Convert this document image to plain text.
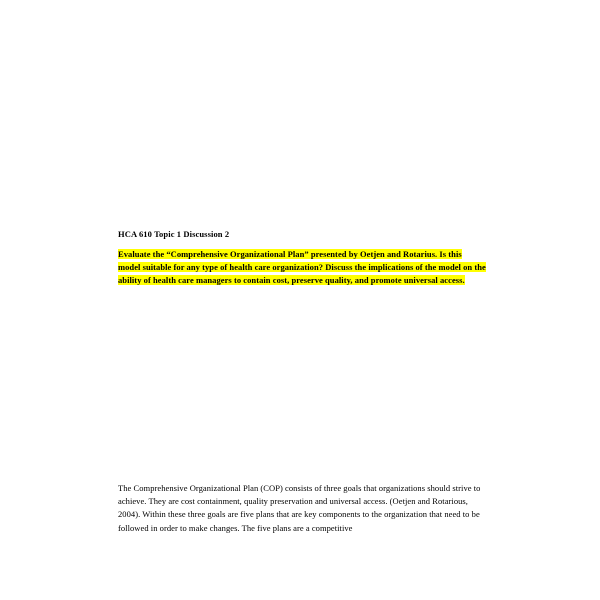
HCA 610 Topic 1 Discussion 2

Evaluate the “Comprehensive Organizational Plan” presented by Oetjen and Rotarius. Is this model suitable for any type of health care organization? Discuss the implications of the model on the ability of health care managers to contain cost, preserve quality, and promote universal access.

The Comprehensive Organizational Plan (COP) consists of three goals that organizations should strive to achieve. They are cost containment, quality preservation and universal access. (Oetjen and Rotarious, 2004). Within these three goals are five plans that are key components to the organization that need to be followed in order to make changes. The five plans are a competitive
